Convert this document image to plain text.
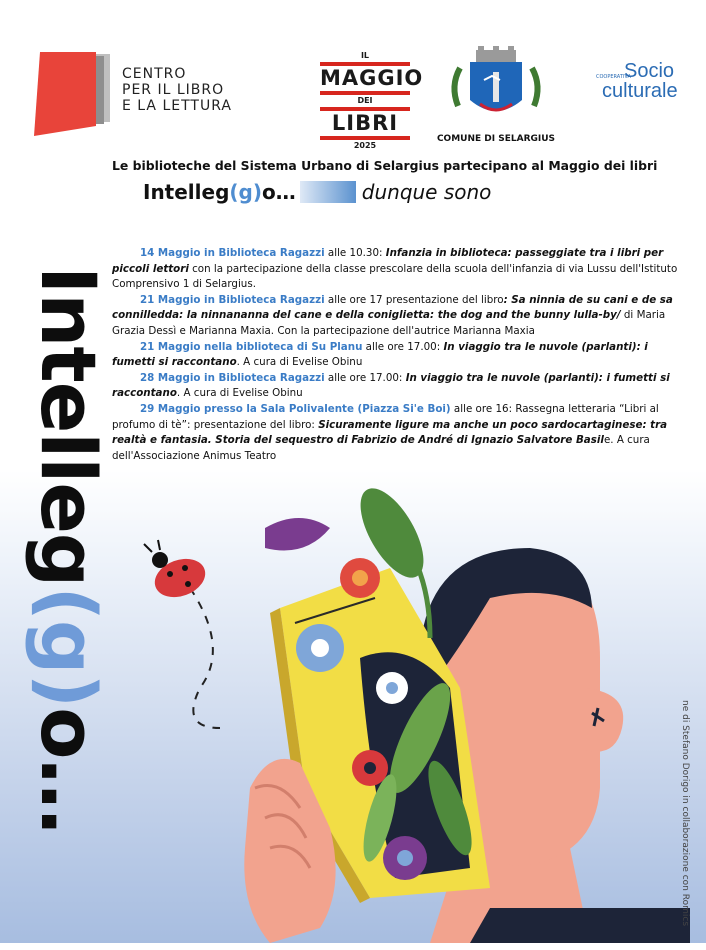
CENTRO
PER IL LIBRO
E LA LETTURA
IL
MAGGIO
DEI
LIBRI
2025
COMUNE DI SELARGIUS
COOPERATIVA
Socio
culturale
Le biblioteche del Sistema Urbano di Selargius partecipano al Maggio dei libri
Intelleg(g)o…	dunque sono
Intelleg(g)o…

14 Maggio in Biblioteca Ragazzi alle 10.30: Infanzia in biblioteca: passeggiate tra i libri per piccoli lettori con la partecipazione della classe prescolare della scuola dell'infanzia di via Lussu dell'Istituto Comprensivo 1 di Selargius.

21 Maggio in Biblioteca Ragazzi alle ore 17 presentazione del libro: Sa ninnia de su cani e de sa connilledda: la ninnananna del cane e della coniglietta: the dog and the bunny lulla-by/ di Maria Grazia Dessì e Marianna Maxia. Con la partecipazione dell'autrice Marianna Maxia

21 Maggio nella biblioteca di Su Planu alle ore 17.00: In viaggio tra le nuvole (parlanti): i fumetti si raccontano. A cura di Evelise Obinu

28 Maggio in Biblioteca Ragazzi alle ore 17.00: In viaggio tra le nuvole (parlanti): i fumetti si raccontano. A cura di Evelise Obinu

29 Maggio presso la Sala Polivalente (Piazza Si'e Boi) alle ore 16: Rassegna letteraria “Libri al profumo di tè”: presentazione del libro: Sicuramente ligure ma anche un poco sardocartaginese: tra realtà e fantasia. Storia del sequestro di Fabrizio de André di Ignazio Salvatore Basile. A cura dell'Associazione Animus Teatro

ne di Stefano Dorigo in collaborazione con Romics
